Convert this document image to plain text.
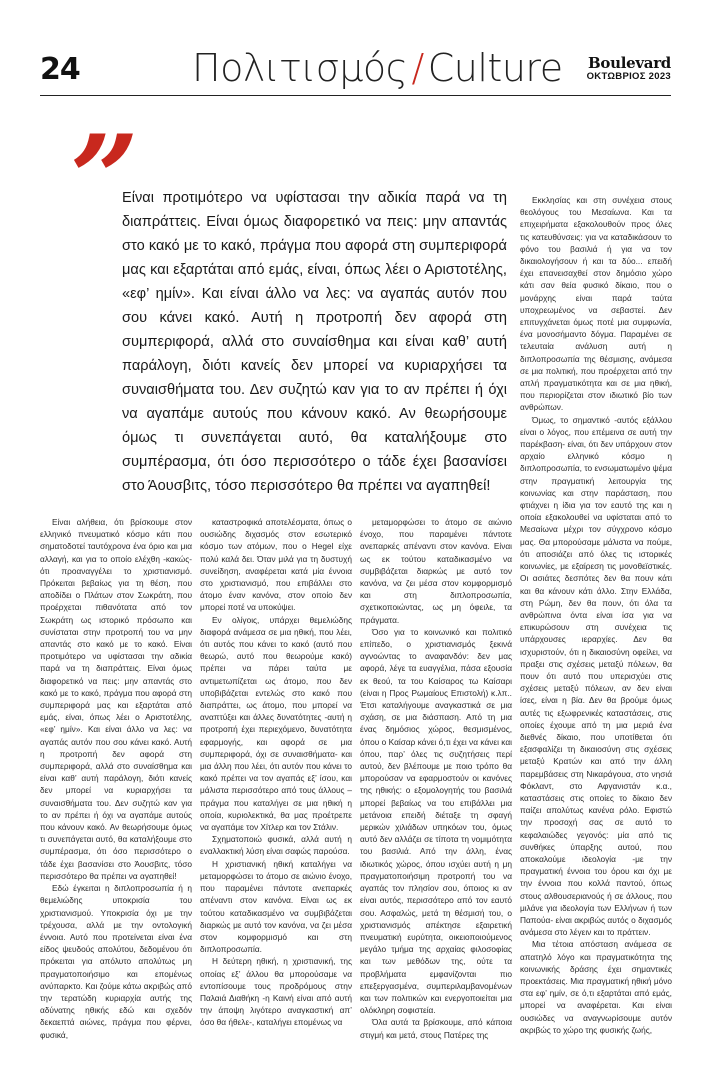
24	Πολιτισμός / Culture Boulevard
ΟΚΤΩΒΡΙΟΣ 2023
”
Είναι προτιμότερο να υφίστασαι την αδικία παρά να τη διαπράττεις. Είναι όμως διαφορετικό να πεις: μην απαντάς στο κακό με το κακό, πράγμα που αφορά στη συμπεριφορά μας και εξαρτάται από εμάς, είναι, όπως λέει ο Αριστοτέλης, «εφ’ ημίν». Και είναι άλλο να λες: να αγαπάς αυτόν που σου κάνει κακό. Αυτή η προτροπή δεν αφορά στη συμπεριφορά, αλλά στο συναίσθημα και είναι καθ’ αυτή παράλογη, διότι κανείς δεν μπορεί να κυριαρχήσει τα συναισθήματα του. Δεν συζητώ καν για το αν πρέπει ή όχι να αγαπάμε αυτούς που κάνουν κακό. Αν θεωρήσουμε όμως τι συνεπάγεται αυτό, θα καταλήξουμε στο συμπέρασμα, ότι όσο περισσότερο ο τάδε έχει βασανίσει στο Άουσβιτς, τόσο περισσότερο θα πρέπει να αγαπηθεί!

Είναι αλήθεια, ότι βρίσκουμε στον ελληνικό πνευματικό κόσμο κάτι που σηματοδοτεί ταυτόχρονα ένα όριο και μια αλλαγή, και για το οποίο ελέχθη -κακώς- ότι προαναγγέλει το χριστιανισμό. Πρόκειται βεβαίως για τη θέση, που αποδίδει ο Πλάτων στον Σωκράτη, που προέρχεται πιθανότατα από τον Σωκράτη ως ιστορικό πρόσωπο και συνίσταται στην προτροπή του να μην απαντάς στο κακό με το κακό. Είναι προτιμότερο να υφίστασαι την αδικία παρά να τη διαπράττεις. Είναι όμως διαφορετικό να πεις: μην απαντάς στο κακό με το κακό, πράγμα που αφορά στη συμπεριφορά μας και εξαρτάται από εμάς, είναι, όπως λέει ο Αριστοτέλης, «εφ’ ημίν». Και είναι άλλο να λες: να αγαπάς αυτόν που σου κάνει κακό. Αυτή η προτροπή δεν αφορά στη συμπεριφορά, αλλά στο συναίσθημα και είναι καθ’ αυτή παράλογη, διότι κανείς δεν μπορεί να κυριαρχήσει τα συναισθήματα του. Δεν συζητώ καν για το αν πρέπει ή όχι να αγαπάμε αυτούς που κάνουν κακό. Αν θεωρήσουμε όμως τι συνεπάγεται αυτό, θα καταλήξουμε στο συμπέρασμα, ότι όσο περισσότερο ο τάδε έχει βασανίσει στο Άουσβιτς, τόσο περισσότερο θα πρέπει να αγαπηθεί!

Εδώ έγκειται η διπλοπροσωπία ή η θεμελιώδης υποκρισία του χριστιανισμού. Υποκρισία όχι με την τρέχουσα, αλλά με την οντολογική έννοια. Αυτό που προτείνεται είναι ένα είδος ψευδούς απολύτου, δεδομένου ότι πρόκειται για απόλυτο απολύτως μη πραγματοποιήσιμο και επομένως ανύπαρκτο. Και ζούμε κάτω ακριβώς από την τερατώδη κυριαρχία αυτής της αδύνατης ηθικής εδώ και σχεδόν δεκαεπτά αιώνες, πράγμα που φέρνει, φυσικά,

καταστροφικά αποτελέσματα, όπως ο ουσιώδης διχασμός στον εσωτερικό κόσμο των ατόμων, που ο Hegel είχε πολύ καλά δει. Όταν μιλά για τη δυστυχή συνείδηση, αναφέρεται κατά μία έννοια στο χριστιανισμό, που επιβάλλει στο άτομο έναν κανόνα, στον οποίο δεν μπορεί ποτέ να υποκύψει.

Εν ολίγοις, υπάρχει θεμελιώδης διαφορά ανάμεσα σε μια ηθική, που λέει, ότι αυτός που κάνει το κακό (αυτό που θεωρώ, αυτό που θεωρούμε κακό) πρέπει να πάρει ταύτα με αντιμετωπίζεται ως άτομο, που δεν υποβιβάζεται εντελώς στο κακό που διαπράττει, ως άτομο, που μπορεί να αναπτύξει και άλλες δυνατότητες -αυτή η προτροπή έχει περιεχόμενο, δυνατότητα εφαρμογής, και αφορά σε μια συμπεριφορά, όχι σε συναισθήματα- και μια άλλη που λέει, ότι αυτόν που κάνει το κακό πρέπει να τον αγαπάς εξ’ ίσου, και μάλιστα περισσότερο από τους άλλους – πράγμα που καταλήγει σε μια ηθική η οποία, κυριολεκτικά, θα μας προέτρεπε να αγαπάμε τον Χίτλερ και τον Στάλιν.

Σχηματοποιώ φυσικά, αλλά αυτή η εναλλακτική λύση είναι σαφώς παρούσα.

Η χριστιανική ηθική καταλήγει να μεταμορφώσει το άτομο σε αιώνιο ένοχο, που παραμένει πάντοτε ανεπαρκές απέναντι στον κανόνα. Είναι ως εκ τούτου καταδικασμένο να συμβιβάζεται διαρκώς με αυτό τον κανόνα, να ζει μέσα στον κομφορμισμό και στη διπλοπροσωπία.

Η δεύτερη ηθική, η χριστιανική, της οποίας εξ’ άλλου θα μπορούσαμε να εντοπίσουμε τους προδρόμους στην Παλαιά Διαθήκη -η Καινή είναι από αυτή την άποψη λιγότερο αναγκαστική απ’ όσο θα ήθελε-, καταλήγει επομένως να

μεταμορφώσει το άτομο σε αιώνιο ένοχο, που παραμένει πάντοτε ανεπαρκές απέναντι στον κανόνα. Είναι ως εκ τούτου καταδικασμένο να συμβιβάζεται διαρκώς με αυτό τον κανόνα, να ζει μέσα στον κομφορμισμό και στη διπλοπροσωπία, σχετικοποιώντας, ως μη όφειλε, τα πράγματα.

Όσο για το κοινωνικό και πολιτικό επίπεδο, ο χριστιανισμός ξεκινά αγνοώντας το αναφανδόν: δεν μας αφορά, λέγε τα ευαγγέλια, πάσα εξουσία εκ θεού, τα του Καίσαρος τω Καίσαρι (είναι η Προς Ρωμαίους Επιστολή) κ.λπ.. Έτσι καταλήγουμε αναγκαστικά σε μια σχάση, σε μια διάσπαση. Από τη μια ένας δημόσιος χώρος, θεσμισμένος, όπου ο Καίσαρ κάνει ό,τι έχει να κάνει και όπου, παρ’ όλες τις συζητήσεις περί αυτού, δεν βλέπουμε με ποιο τρόπο θα μπορούσαν να εφαρμοστούν οι κανόνες της ηθικής: ο εξομολογητής του βασιλιά μπορεί βεβαίως να του επιβάλλει μια μετάνοια επειδή διέταξε τη σφαγή μερικών χιλιάδων υπηκόων του, όμως αυτό δεν αλλάζει σε τίποτα τη νομιμότητα του βασιλιά. Από την άλλη, ένας ιδιωτικός χώρος, όπου ισχύει αυτή η μη πραγματοποιήσιμη προτροπή του να αγαπάς τον πλησίον σου, όποιος κι αν είναι αυτός, περισσότερο από τον εαυτό σου. Ασφαλώς, μετά τη θέσμισή του, ο χριστιανισμός απέκτησε εξαιρετική πνευματική ευρύτητα, οικειοποιούμενος μεγάλο τμήμα της αρχαίας φιλοσοφίας και των μεθόδων της, ούτε τα προβλήματα εμφανίζονται πιο επεξεργασμένα, συμπεριλαμβανομένων και των πολιτικών και ενεργοποιείται μια ολόκληρη σοφιστεία.

Όλα αυτά τα βρίσκουμε, από κάποια στιγμή και μετά, στους Πατέρες της

Εκκλησίας και στη συνέχεια στους θεολόγους του Μεσαίωνα. Και τα επιχειρήματα εξακολουθούν προς όλες τις κατευθύνσεις: για να καταδικάσουν το φόνο του βασιλιά ή για να τον δικαιολογήσουν ή και τα δύο... επειδή έχει επανεισαχθεί στον δημόσιο χώρο κάτι σαν θεία φυσικό δίκαιο, που ο μονάρχης είναι παρά ταύτα υποχρεωμένος να σεβαστεί. Δεν επιτυγχάνεται όμως ποτέ μια συμφωνία, ένα μονοσήμαντο δόγμα. Παραμένει σε τελευταία ανάλυση αυτή η διπλοπροσωπία της θέσμισης, ανάμεσα σε μια πολιτική, που προέρχεται από την απλή πραγματικότητα και σε μια ηθική, που περιορίζεται στον ιδιωτικό βίο των ανθρώπων.

Όμως, το σημαντικό -αυτός εξάλλου είναι ο λόγος, που επέμεινα σε αυτή την παρέκβαση- είναι, ότι δεν υπάρχουν στον αρχαίο ελληνικό κόσμο η διπλοπροσωπία, το ενσωματωμένο ψέμα στην πραγματική λειτουργία της κοινωνίας και στην παράσταση, που φτιάχνει η ίδια για τον εαυτό της και η οποία εξακολουθεί να υφίσταται από το Μεσαίωνα μέχρι τον σύγχρονο κόσμο μας. Θα μπορούσαμε μάλιστα να πούμε, ότι αποσιάζει από όλες τις ιστορικές κοινωνίες, με εξαίρεση τις μονοθεϊστικές. Οι ασιάτες δεσπότες δεν θα πουν κάτι και θα κάνουν κάτι άλλο. Στην Ελλάδα, στη Ρώμη, δεν θα πουν, ότι όλα τα ανθρώπινα όντα είναι ίσα για να επικυρώσουν στη συνέχεια τις υπάρχουσες ιεραρχίες. Δεν θα ισχυριστούν, ότι η δικαιοσύνη οφείλει, να πραξει στις σχέσεις μεταξύ πόλεων, θα πουν ότι αυτό που υπερισχύει στις σχέσεις μεταξύ πόλεων, αν δεν είναι ίσες, είναι η βία. Δεν θα βρούμε όμως αυτές τις εξωφρενικές καταστάσεις, στις οποίες έχουμε από τη μια μεριά ένα διεθνές δίκαιο, που υποτίθεται ότι εξασφαλίζει τη δικαιοσύνη στις σχέσεις μεταξύ Κρατών και από την άλλη παρεμβάσεις στη Νικαράγουα, στο νησιά Φόκλαντ, στο Αφγανιστάν κ.α., καταστάσεις στις οποίες το δίκαιο δεν παίζει απολύτως κανένα ρόλο. Εφιστώ την προσοχή σας σε αυτό το κεφαλαιώδες γεγονός: μία από τις συνθήκες ύπαρξης αυτού, που αποκαλούμε ιδεολογία -με την πραγματική έννοια του όρου και όχι με την έννοια που κολλά παντού, όπως στους αλθουσεριανούς ή σε άλλους, που μιλάνε για ιδεολογία των Ελλήνων ή των Παπούα- είναι ακριβώς αυτός ο διχασμός ανάμεσα στο λέγειν και το πράττειν.

Μια τέτοια απόσταση ανάμεσα σε απατηλό λόγο και πραγματικότητα της κοινωνικής δράσης έχει σημαντικές προεκτάσεις. Μια πραγματική ηθική μόνο στα εφ’ ημίν, σε ό,τι εξαρτάται από εμάς, μπορεί να αναφέρεται. Και είναι ουσιώδες να αναγνωρίσουμε αυτόν ακριβώς το χώρο της φυσικής ζωής,
